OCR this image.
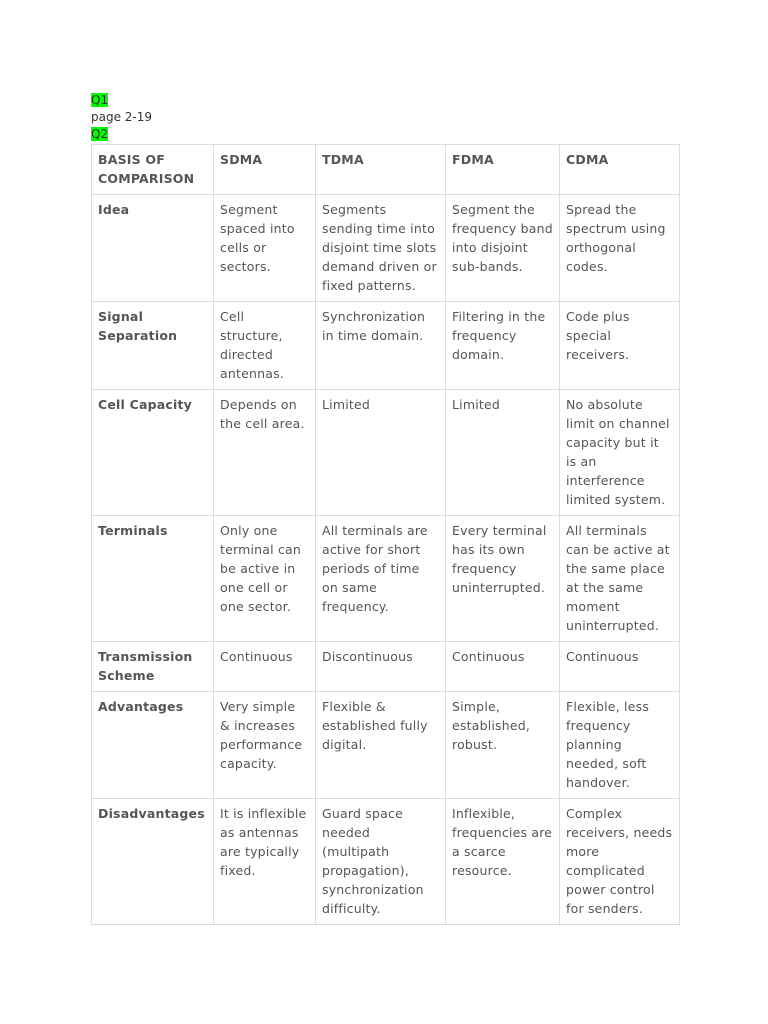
Q1
page 2-19
Q2
BASIS OF COMPARISON	SDMA	TDMA	FDMA	CDMA
Idea	Segment spaced into cells or sectors.	Segments sending time into disjoint time slots demand driven or fixed patterns.	Segment the frequency band into disjoint sub-bands.	Spread the spectrum using orthogonal codes.
Signal Separation	Cell structure, directed antennas.	Synchronization in time domain.	Filtering in the frequency domain.	Code plus special receivers.
Cell Capacity	Depends on the cell area.	Limited	Limited	No absolute limit on channel capacity but it is an interference limited system.
Terminals	Only one terminal can be active in one cell or one sector.	All terminals are active for short periods of time on same frequency.	Every terminal has its own frequency uninterrupted.	All terminals can be active at the same place at the same moment uninterrupted.
Transmission Scheme	Continuous	Discontinuous	Continuous	Continuous
Advantages	Very simple & increases performance capacity.	Flexible & established fully digital.	Simple, established, robust.	Flexible, less frequency planning needed, soft handover.
Disadvantages	It is inflexible as antennas are typically fixed.	Guard space needed (multipath propagation), synchronization difficulty.	Inflexible, frequencies are a scarce resource.	Complex receivers, needs more complicated power control for senders.
